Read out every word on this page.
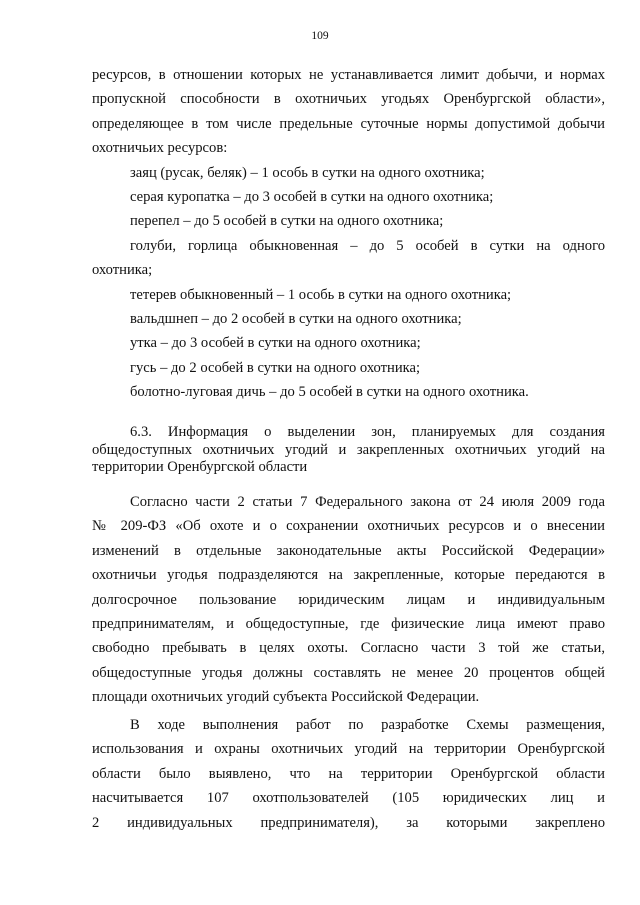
109
ресурсов, в отношении которых не устанавливается лимит добычи, и нормах
пропускной способности в охотничьих угодьях Оренбургской области»,
определяющее в том числе предельные суточные нормы допустимой добычи
охотничьих ресурсов:
заяц (русак, беляк) – 1 особь в сутки на одного охотника;
серая куропатка – до 3 особей в сутки на одного охотника;
перепел – до 5 особей в сутки на одного охотника;
голуби, горлица обыкновенная – до 5 особей в сутки на одного
охотника;
тетерев обыкновенный – 1 особь в сутки на одного охотника;
вальдшнеп – до 2 особей в сутки на одного охотника;
утка – до 3 особей в сутки на одного охотника;
гусь – до 2 особей в сутки на одного охотника;
болотно-луговая дичь – до 5 особей в сутки на одного охотника.
6.3. Информация о выделении зон, планируемых для создания
общедоступных охотничьих угодий и закрепленных охотничьих угодий на
территории Оренбургской области
Согласно части 2 статьи 7 Федерального закона от 24 июля 2009 года
№ 209-ФЗ «Об охоте и о сохранении охотничьих ресурсов и о внесении
изменений в отдельные законодательные акты Российской Федерации»
охотничьи угодья подразделяются на закрепленные, которые передаются в
долгосрочное пользование юридическим лицам и индивидуальным
предпринимателям, и общедоступные, где физические лица имеют право
свободно пребывать в целях охоты. Согласно части 3 той же статьи,
общедоступные угодья должны составлять не менее 20 процентов общей
площади охотничьих угодий субъекта Российской Федерации.
В ходе выполнения работ по разработке Схемы размещения,
использования и охраны охотничьих угодий на территории Оренбургской
области было выявлено, что на территории Оренбургской области
насчитывается 107 охотпользователей (105 юридических лиц и
2 индивидуальных предпринимателя), за которыми закреплено
